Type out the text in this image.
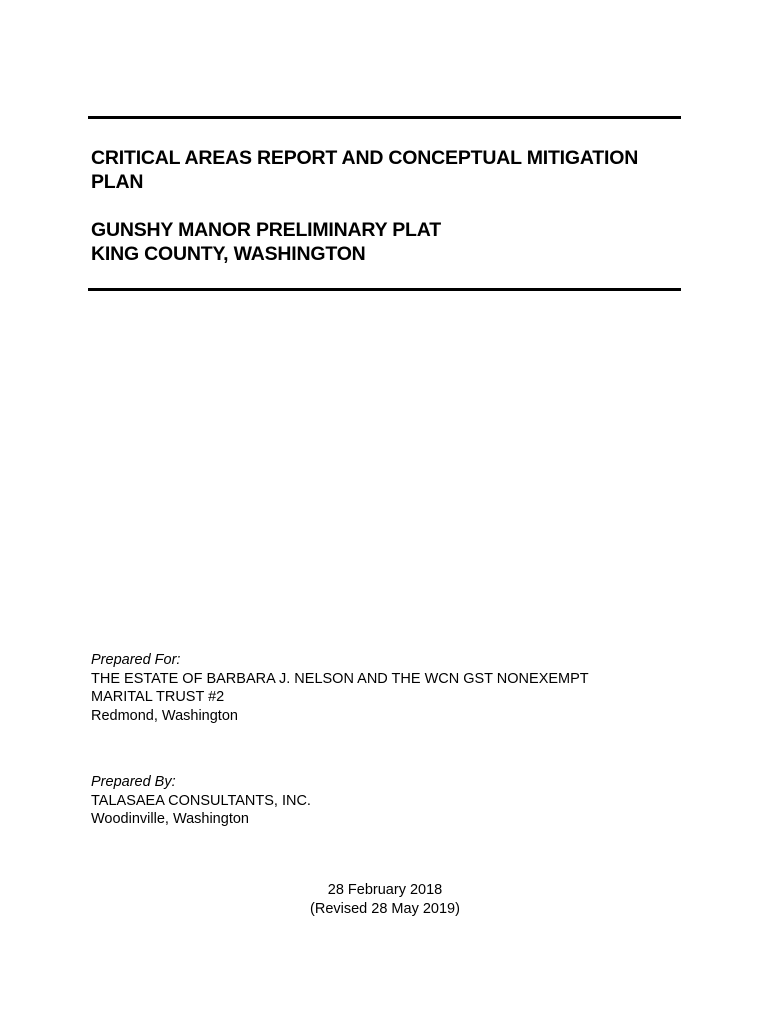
CRITICAL AREAS REPORT AND CONCEPTUAL MITIGATION
PLAN
GUNSHY MANOR PRELIMINARY PLAT
KING COUNTY, WASHINGTON
Prepared For:
THE ESTATE OF BARBARA J. NELSON AND THE WCN GST NONEXEMPT
MARITAL TRUST #2
Redmond, Washington
Prepared By:
TALASAEA CONSULTANTS, INC.
Woodinville, Washington
28 February 2018
(Revised 28 May 2019)
